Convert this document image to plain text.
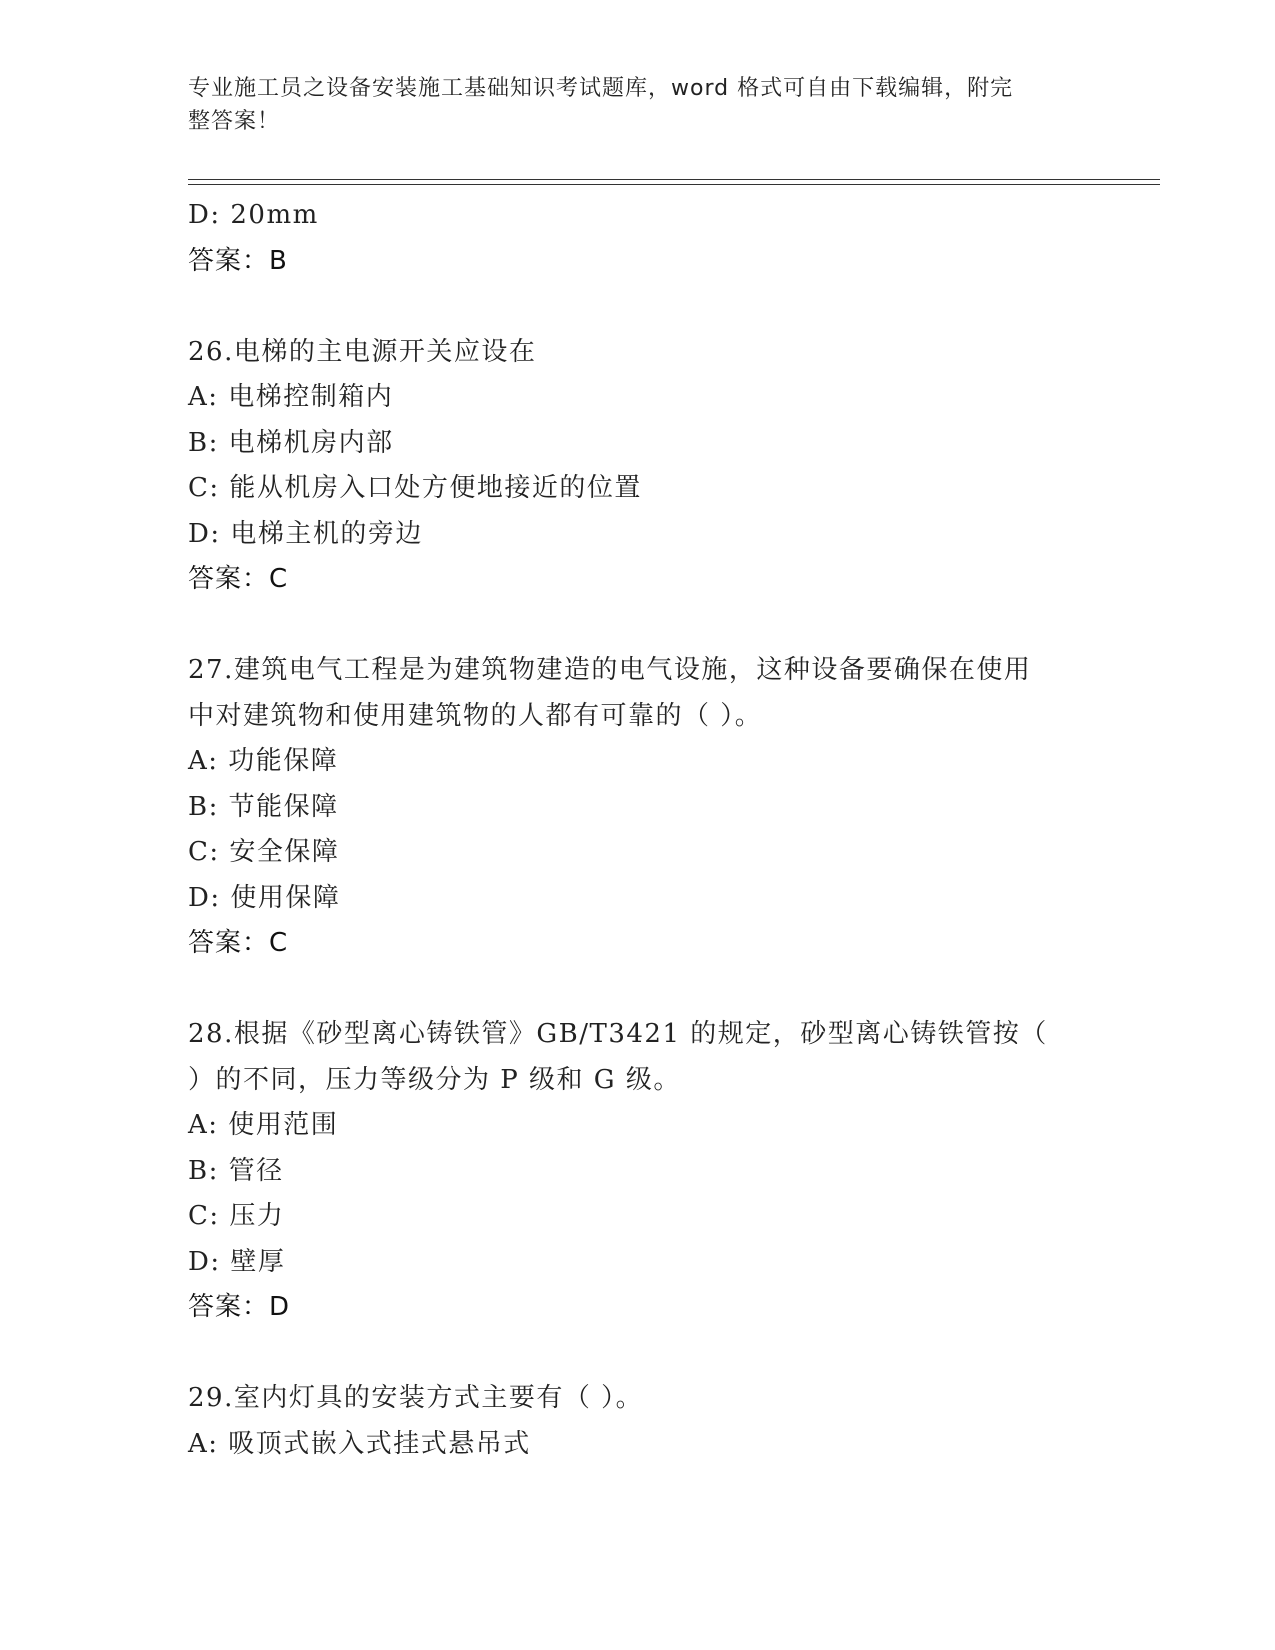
专业施工员之设备安装施工基础知识考试题库，word 格式可自由下载编辑，附完
整答案！
D: 20mm
答案：B
26.电梯的主电源开关应设在
A: 电梯控制箱内
B: 电梯机房内部
C: 能从机房入口处方便地接近的位置
D: 电梯主机的旁边
答案：C
27.建筑电气工程是为建筑物建造的电气设施，这种设备要确保在使用
中对建筑物和使用建筑物的人都有可靠的（ ）。
A: 功能保障
B: 节能保障
C: 安全保障
D: 使用保障
答案：C
28.根据《砂型离心铸铁管》GB/T3421 的规定，砂型离心铸铁管按（
）的不同，压力等级分为 P 级和 G 级。
A: 使用范围
B: 管径
C: 压力
D: 壁厚
答案：D
29.室内灯具的安装方式主要有（ ）。
A: 吸顶式嵌入式挂式悬吊式
